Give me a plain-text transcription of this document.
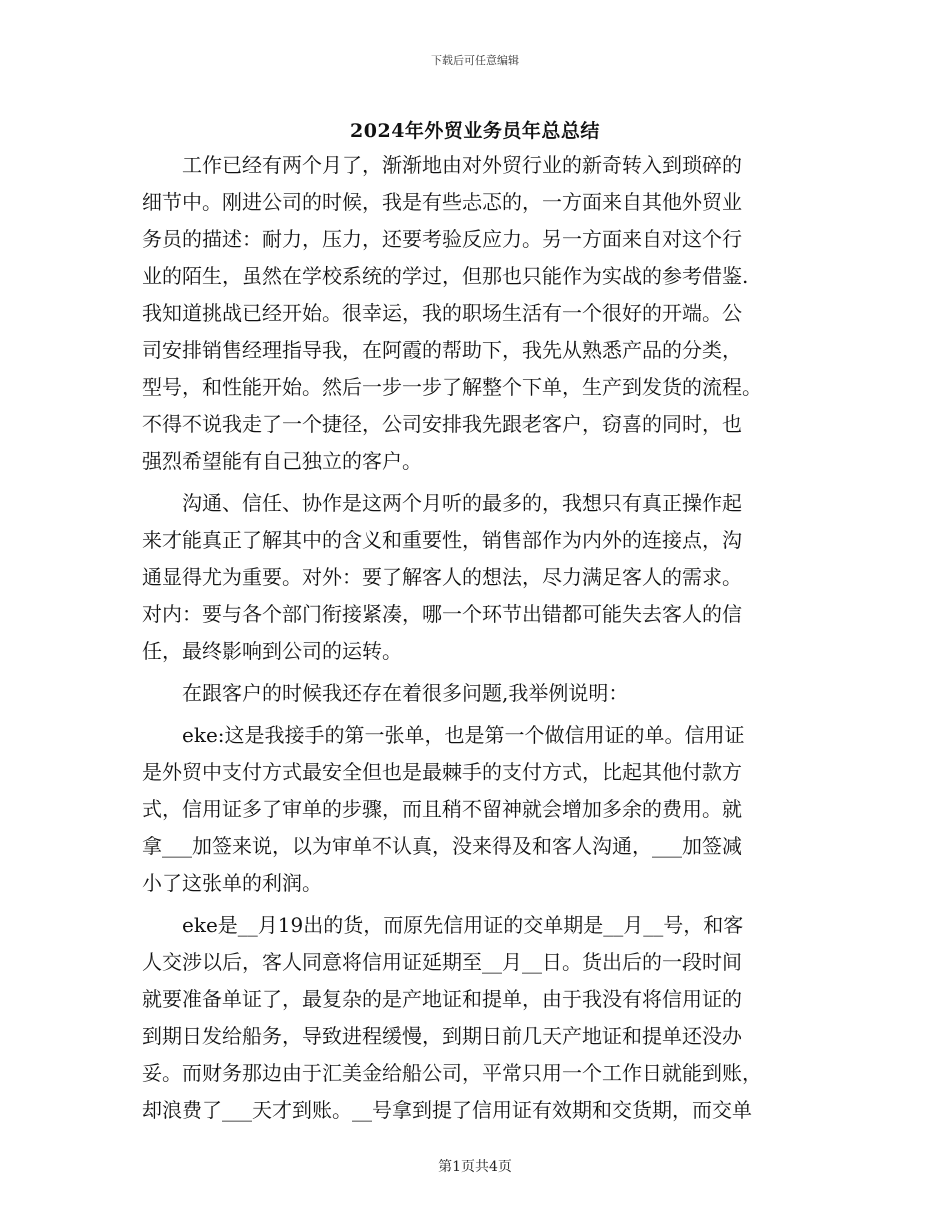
下载后可任意编辑
2024年外贸业务员年总总结
　　工作已经有两个月了，渐渐地由对外贸行业的新奇转入到琐碎的
细节中。刚进公司的时候，我是有些忐忑的，一方面来自其他外贸业
务员的描述：耐力，压力，还要考验反应力。另一方面来自对这个行
业的陌生，虽然在学校系统的学过，但那也只能作为实战的参考借鉴.
我知道挑战已经开始。很幸运，我的职场生活有一个很好的开端。公
司安排销售经理指导我，在阿霞的帮助下，我先从熟悉产品的分类，
型号，和性能开始。然后一步一步了解整个下单，生产到发货的流程。
不得不说我走了一个捷径，公司安排我先跟老客户，窃喜的同时，也
强烈希望能有自己独立的客户。
　　沟通、信任、协作是这两个月听的最多的，我想只有真正操作起
来才能真正了解其中的含义和重要性，销售部作为内外的连接点，沟
通显得尤为重要。对外：要了解客人的想法，尽力满足客人的需求。
对内：要与各个部门衔接紧凑，哪一个环节出错都可能失去客人的信
任，最终影响到公司的运转。
　　在跟客户的时候我还存在着很多问题,我举例说明：
　　eke:这是我接手的第一张单，也是第一个做信用证的单。信用证
是外贸中支付方式最安全但也是最棘手的支付方式，比起其他付款方
式，信用证多了审单的步骤，而且稍不留神就会增加多余的费用。就
拿___加签来说，以为审单不认真，没来得及和客人沟通，___加签减
小了这张单的利润。
　　eke是__月19出的货，而原先信用证的交单期是__月__号，和客
人交涉以后，客人同意将信用证延期至__月__日。货出后的一段时间
就要准备单证了，最复杂的是产地证和提单，由于我没有将信用证的
到期日发给船务，导致进程缓慢，到期日前几天产地证和提单还没办
妥。而财务那边由于汇美金给船公司，平常只用一个工作日就能到账，
却浪费了___天才到账。__号拿到提了信用证有效期和交货期，而交单
第1页共4页
